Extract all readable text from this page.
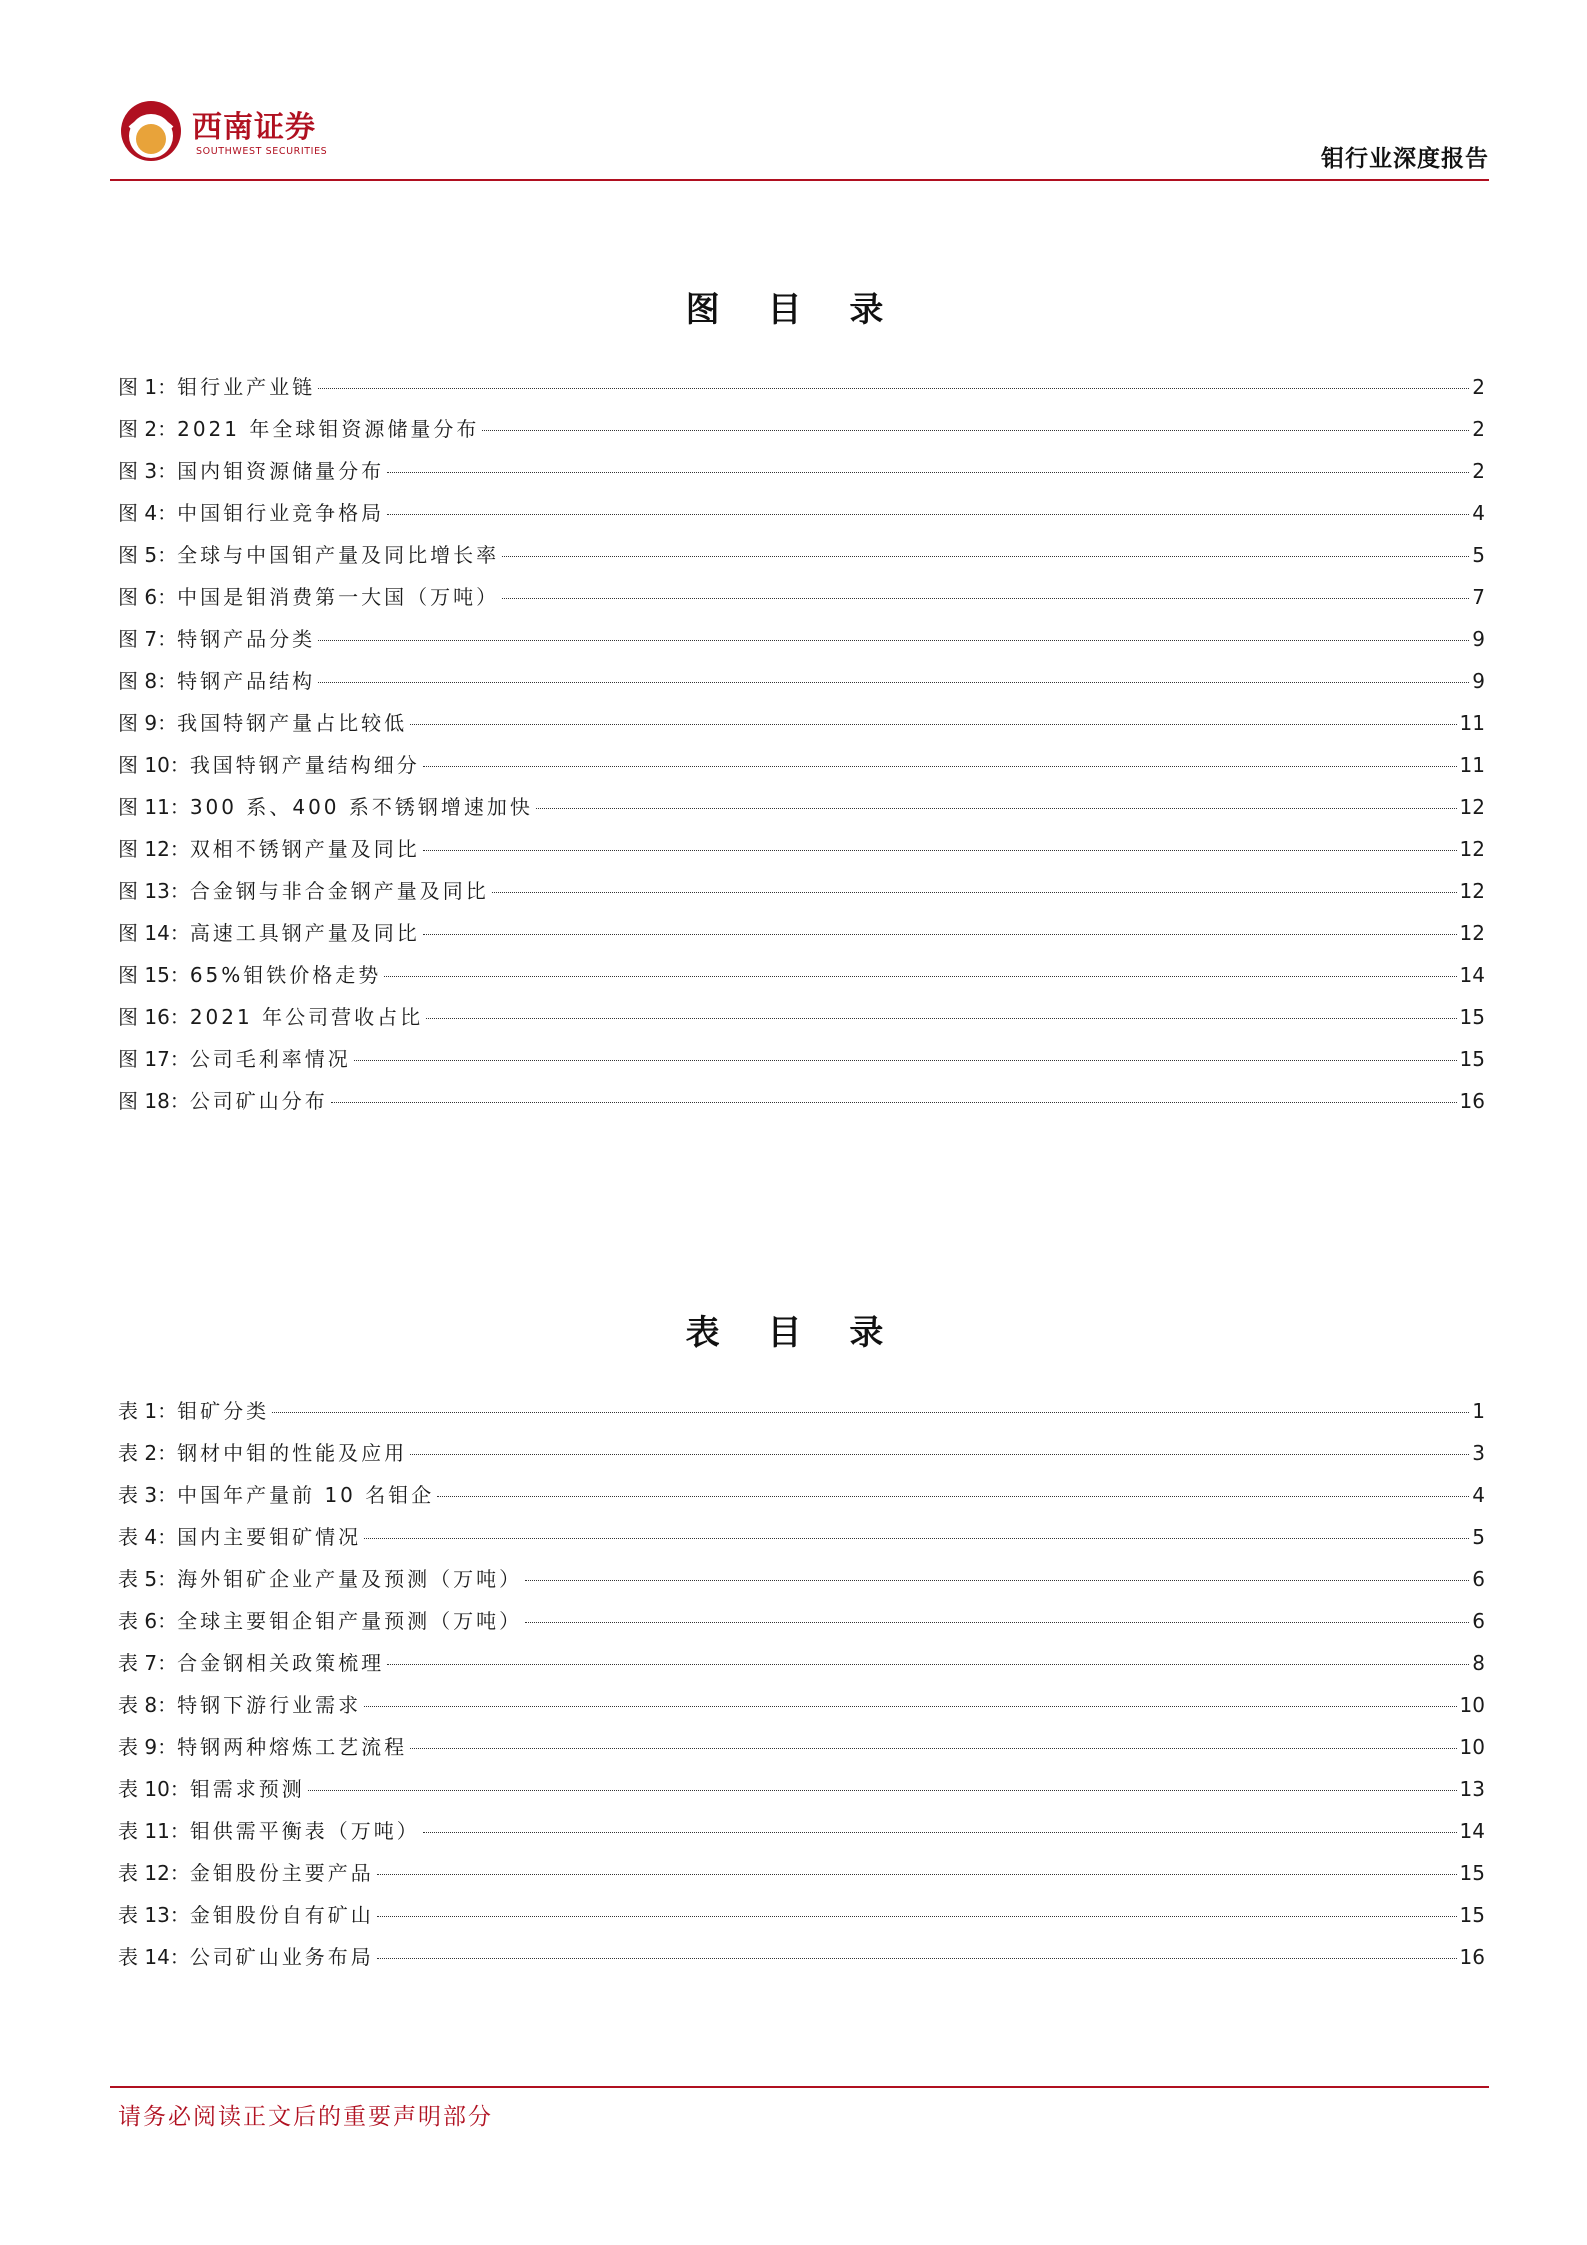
西南证券
SOUTHWEST SECURITIES	钼行业深度报告
图 目 录
图 1： 钼行业产业链	2
图 2： 2021 年全球钼资源储量分布	2
图 3： 国内钼资源储量分布	2
图 4： 中国钼行业竞争格局	4
图 5： 全球与中国钼产量及同比增长率	5
图 6： 中国是钼消费第一大国（万吨）	7
图 7： 特钢产品分类	9
图 8： 特钢产品结构	9
图 9： 我国特钢产量占比较低	11
图 10： 我国特钢产量结构细分	11
图 11： 300 系、400 系不锈钢增速加快	12
图 12： 双相不锈钢产量及同比	12
图 13： 合金钢与非合金钢产量及同比	12
图 14： 高速工具钢产量及同比	12
图 15： 65%钼铁价格走势	14
图 16： 2021 年公司营收占比	15
图 17： 公司毛利率情况	15
图 18： 公司矿山分布	16
表 目 录
表 1： 钼矿分类	1
表 2： 钢材中钼的性能及应用	3
表 3： 中国年产量前 10 名钼企	4
表 4： 国内主要钼矿情况	5
表 5： 海外钼矿企业产量及预测（万吨）	6
表 6： 全球主要钼企钼产量预测（万吨）	6
表 7： 合金钢相关政策梳理	8
表 8： 特钢下游行业需求	10
表 9： 特钢两种熔炼工艺流程	10
表 10： 钼需求预测	13
表 11： 钼供需平衡表（万吨）	14
表 12： 金钼股份主要产品	15
表 13： 金钼股份自有矿山	15
表 14： 公司矿山业务布局	16
请务必阅读正文后的重要声明部分
